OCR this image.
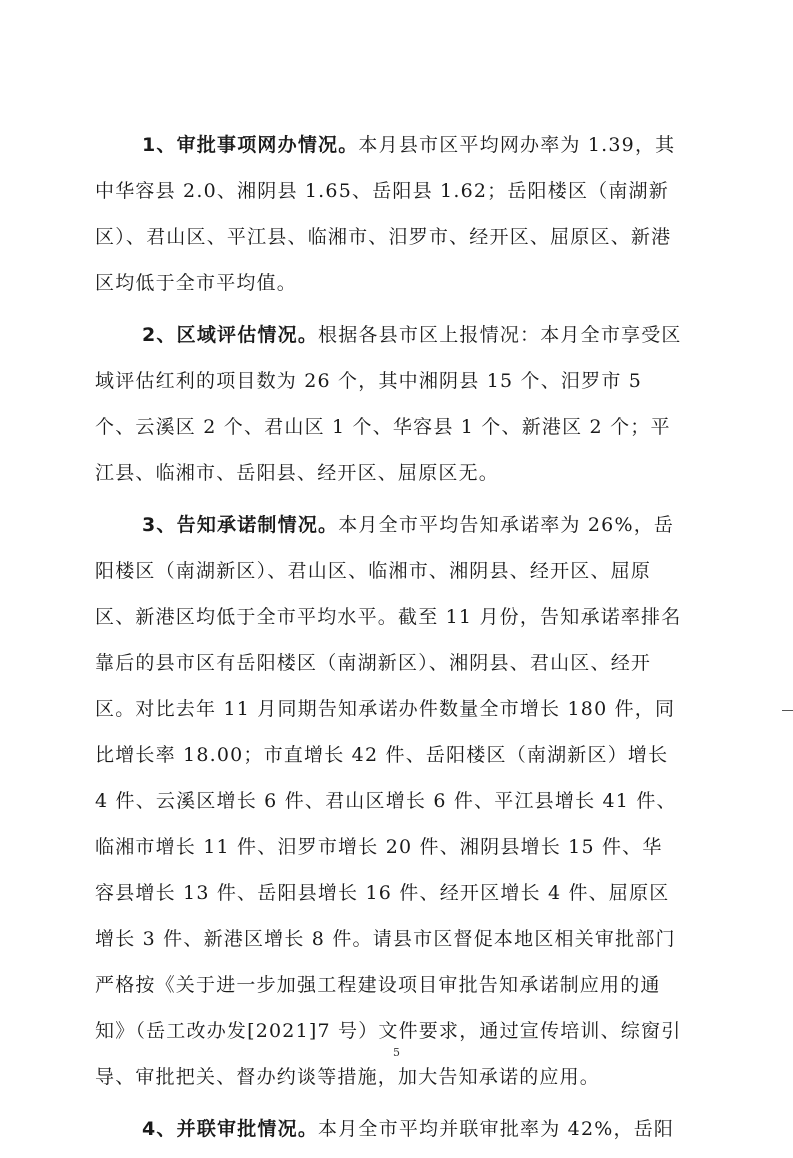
1、审批事项网办情况。本月县市区平均网办率为 1.39，其中华容县 2.0、湘阴县 1.65、岳阳县 1.62；岳阳楼区（南湖新区）、君山区、平江县、临湘市、汨罗市、经开区、屈原区、新港区均低于全市平均值。

2、区域评估情况。根据各县市区上报情况：本月全市享受区域评估红利的项目数为 26 个，其中湘阴县 15 个、汨罗市 5 个、云溪区 2 个、君山区 1 个、华容县 1 个、新港区 2 个；平江县、临湘市、岳阳县、经开区、屈原区无。

3、告知承诺制情况。本月全市平均告知承诺率为 26%，岳阳楼区（南湖新区）、君山区、临湘市、湘阴县、经开区、屈原区、新港区均低于全市平均水平。截至 11 月份，告知承诺率排名靠后的县市区有岳阳楼区（南湖新区）、湘阴县、君山区、经开区。对比去年 11 月同期告知承诺办件数量全市增长 180 件，同比增长率 18.00；市直增长 42 件、岳阳楼区（南湖新区）增长 4 件、云溪区增长 6 件、君山区增长 6 件、平江县增长 41 件、临湘市增长 11 件、汨罗市增长 20 件、湘阴县增长 15 件、华容县增长 13 件、岳阳县增长 16 件、经开区增长 4 件、屈原区增长 3 件、新港区增长 8 件。请县市区督促本地区相关审批部门严格按《关于进一步加强工程建设项目审批告知承诺制应用的通知》（岳工改办发[2021]7 号）文件要求，通过宣传培训、综窗引导、审批把关、督办约谈等措施，加大告知承诺的应用。

4、并联审批情况。本月全市平均并联审批率为 42%，岳阳

5
